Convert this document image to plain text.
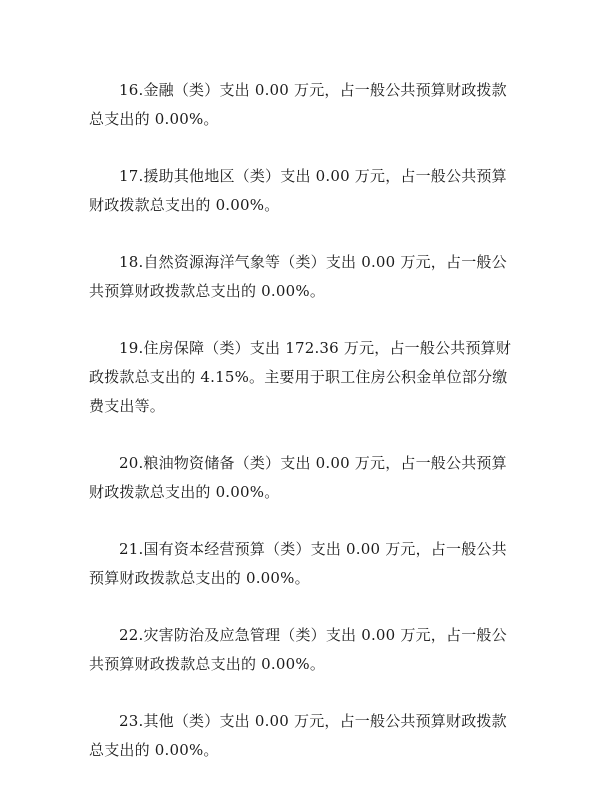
16.金融（类）支出 0.00 万元，占一般公共预算财政拨款总支出的 0.00%。

17.援助其他地区（类）支出 0.00 万元，占一般公共预算财政拨款总支出的 0.00%。

18.自然资源海洋气象等（类）支出 0.00 万元，占一般公共预算财政拨款总支出的 0.00%。

19.住房保障（类）支出 172.36 万元，占一般公共预算财政拨款总支出的 4.15%。主要用于职工住房公积金单位部分缴费支出等。

20.粮油物资储备（类）支出 0.00 万元，占一般公共预算财政拨款总支出的 0.00%。

21.国有资本经营预算（类）支出 0.00 万元，占一般公共预算财政拨款总支出的 0.00%。

22.灾害防治及应急管理（类）支出 0.00 万元，占一般公共预算财政拨款总支出的 0.00%。

23.其他（类）支出 0.00 万元，占一般公共预算财政拨款总支出的 0.00%。
